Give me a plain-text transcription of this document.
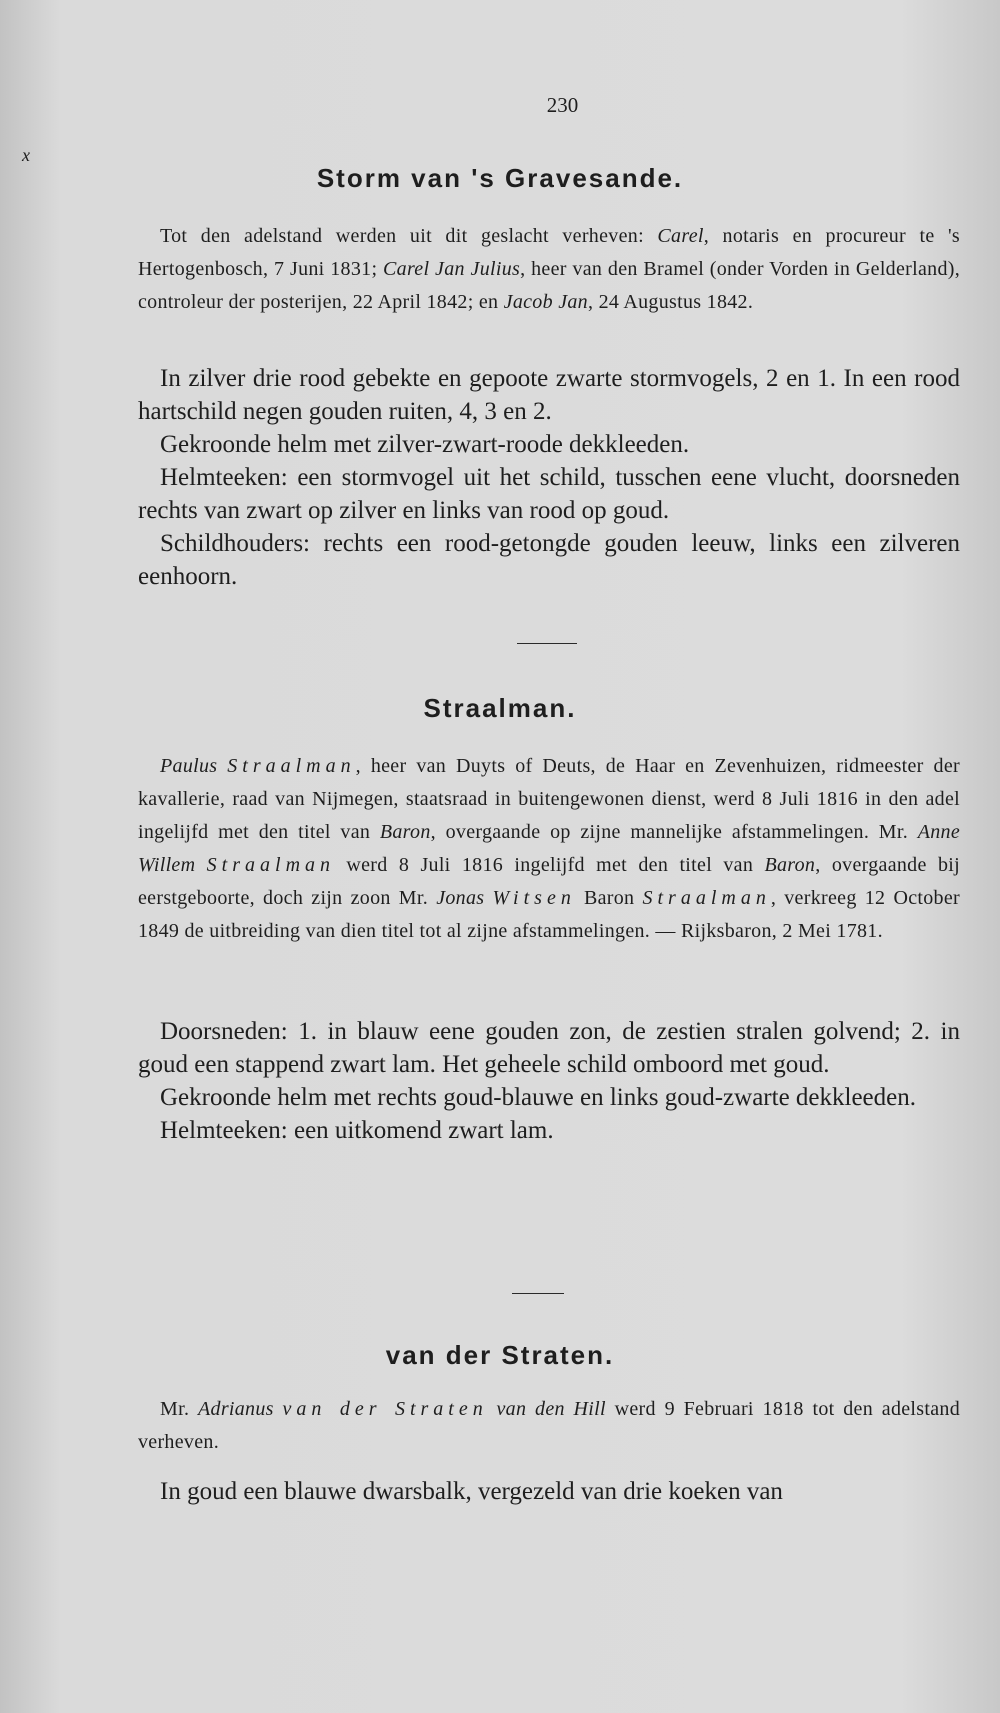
230
x
Storm van 's Gravesande.

Tot den adelstand werden uit dit geslacht verheven: Carel, notaris en procureur te 's Hertogenbosch, 7 Juni 1831; Carel Jan Julius, heer van den Bramel (onder Vorden in Gelderland), controleur der posterijen, 22 April 1842; en Jacob Jan, 24 Augustus 1842.

In zilver drie rood gebekte en gepoote zwarte stormvogels, 2 en 1. In een rood hartschild negen gouden ruiten, 4, 3 en 2.

Gekroonde helm met zilver-zwart-roode dekkleeden.

Helmteeken: een stormvogel uit het schild, tusschen eene vlucht, doorsneden rechts van zwart op zilver en links van rood op goud.

Schildhouders: rechts een rood-getongde gouden leeuw, links een zilveren eenhoorn.

Straalman.

Paulus Straalman, heer van Duyts of Deuts, de Haar en Zevenhuizen, ridmeester der kavallerie, raad van Nijmegen, staatsraad in buitengewonen dienst, werd 8 Juli 1816 in den adel ingelijfd met den titel van Baron, overgaande op zijne mannelijke afstammelingen. Mr. Anne Willem Straalman werd 8 Juli 1816 ingelijfd met den titel van Baron, overgaande bij eerstgeboorte, doch zijn zoon Mr. Jonas Witsen Baron Straalman, verkreeg 12 October 1849 de uitbreiding van dien titel tot al zijne afstammelingen. — Rijksbaron, 2 Mei 1781.

Doorsneden: 1. in blauw eene gouden zon, de zestien stralen golvend; 2. in goud een stappend zwart lam. Het geheele schild omboord met goud.

Gekroonde helm met rechts goud-blauwe en links goud-zwarte dekkleeden.

Helmteeken: een uitkomend zwart lam.

van der Straten.

Mr. Adrianus van der Straten van den Hill werd 9 Februari 1818 tot den adelstand verheven.

In goud een blauwe dwarsbalk, vergezeld van drie koeken van
